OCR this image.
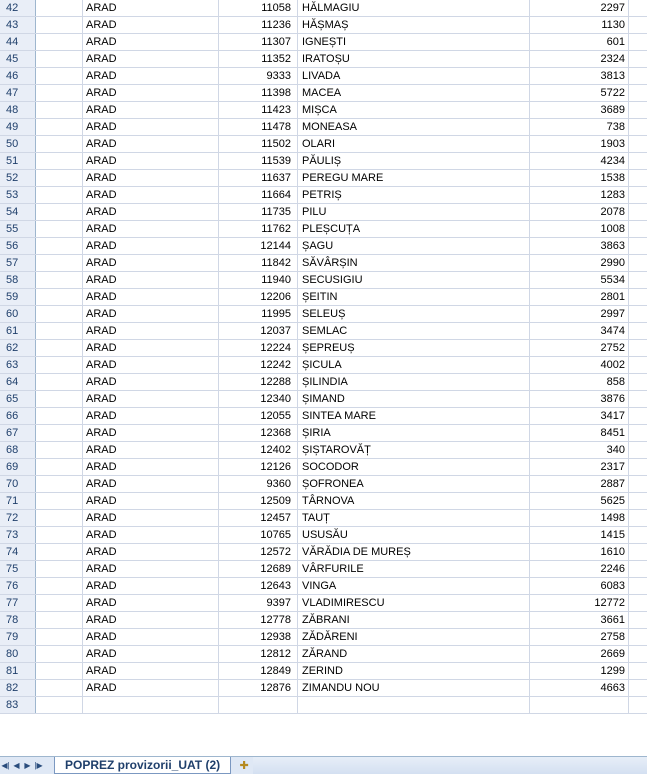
42	ARAD	11058	HĂLMAGIU	2297
43	ARAD	11236	HĂȘMAȘ	1130
44	ARAD	11307	IGNEȘTI	601
45	ARAD	11352	IRATOȘU	2324
46	ARAD	9333	LIVADA	3813
47	ARAD	11398	MACEA	5722
48	ARAD	11423	MIȘCA	3689
49	ARAD	11478	MONEASA	738
50	ARAD	11502	OLARI	1903
51	ARAD	11539	PĂULIȘ	4234
52	ARAD	11637	PEREGU MARE	1538
53	ARAD	11664	PETRIȘ	1283
54	ARAD	11735	PILU	2078
55	ARAD	11762	PLEȘCUȚA	1008
56	ARAD	12144	ȘAGU	3863
57	ARAD	11842	SĂVÂRȘIN	2990
58	ARAD	11940	SECUSIGIU	5534
59	ARAD	12206	ȘEITIN	2801
60	ARAD	11995	SELEUȘ	2997
61	ARAD	12037	SEMLAC	3474
62	ARAD	12224	ȘEPREUȘ	2752
63	ARAD	12242	ȘICULA	4002
64	ARAD	12288	ȘILINDIA	858
65	ARAD	12340	ȘIMAND	3876
66	ARAD	12055	SINTEA MARE	3417
67	ARAD	12368	ȘIRIA	8451
68	ARAD	12402	ȘIȘTAROVĂȚ	340
69	ARAD	12126	SOCODOR	2317
70	ARAD	9360	ȘOFRONEA	2887
71	ARAD	12509	TÂRNOVA	5625
72	ARAD	12457	TAUȚ	1498
73	ARAD	10765	USUSĂU	1415
74	ARAD	12572	VĂRĂDIA DE MUREȘ	1610
75	ARAD	12689	VÂRFURILE	2246
76	ARAD	12643	VINGA	6083
77	ARAD	9397	VLADIMIRESCU	12772
78	ARAD	12778	ZĂBRANI	3661
79	ARAD	12938	ZĂDĂRENI	2758
80	ARAD	12812	ZĂRAND	2669
81	ARAD	12849	ZERIND	1299
82	ARAD	12876	ZIMANDU NOU	4663
83
◀| ◀ ▶ |▶	POPREZ provizorii_UAT (2)	✚
